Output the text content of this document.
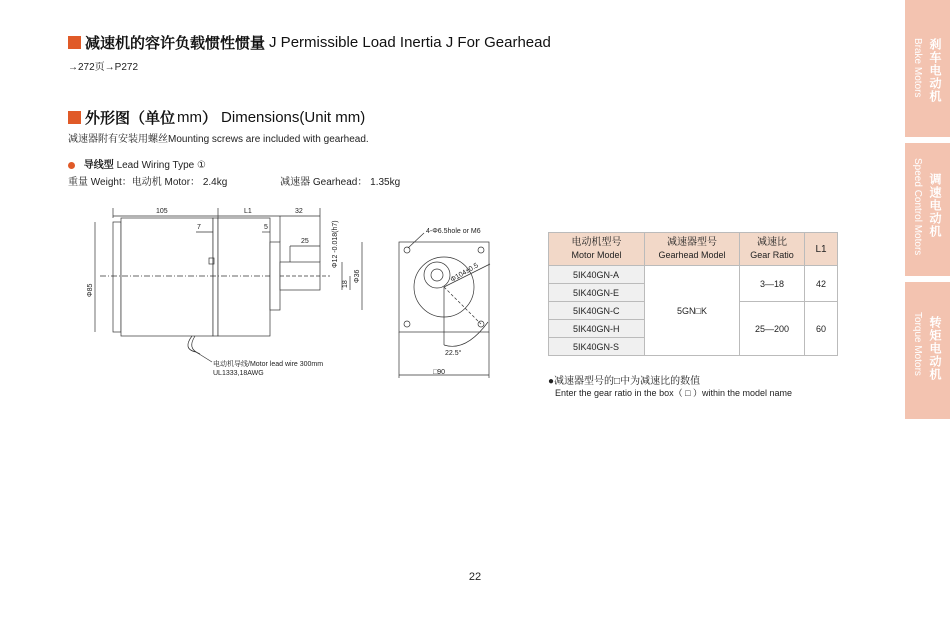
减速机的容许负载惯性惯量 J Permissible Load Inertia J For Gearhead
→272页→P272
外形图（单位 mm ） Dimensions(Unit mm)
减速器附有安装用螺丝Mounting screws are included with gearhead.
导线型 Lead Wiring Type ①
重量 Weight：电动机 Motor： 2.4kg	减速器 Gearhead： 1.35kg
105	L1	32
7	5
25	Φ12 -0.018(h7)
Φ36
18
Φ85
电动机导线/Motor lead wire 300mm
UL1333,18AWG
4-Φ6.5hole or M6
Φ104±0.5
22.5°
□90
电动机型号
Motor Model	减速器型号
Gearhead Model	减速比
Gear Ratio	L1

5IK40GN-A	5GN□K	3—18	42
5IK40GN-E			
5IK40GN-C		25—200	60
5IK40GN-H			
5IK40GN-S			
●减速器型号的□中为减速比的数值
Enter the gear ratio in the box（ □ ）within the model name
22
Brake Motors 刹车电动机
Speed Control Motors 调速电动机
Torque Motors 转矩电动机
